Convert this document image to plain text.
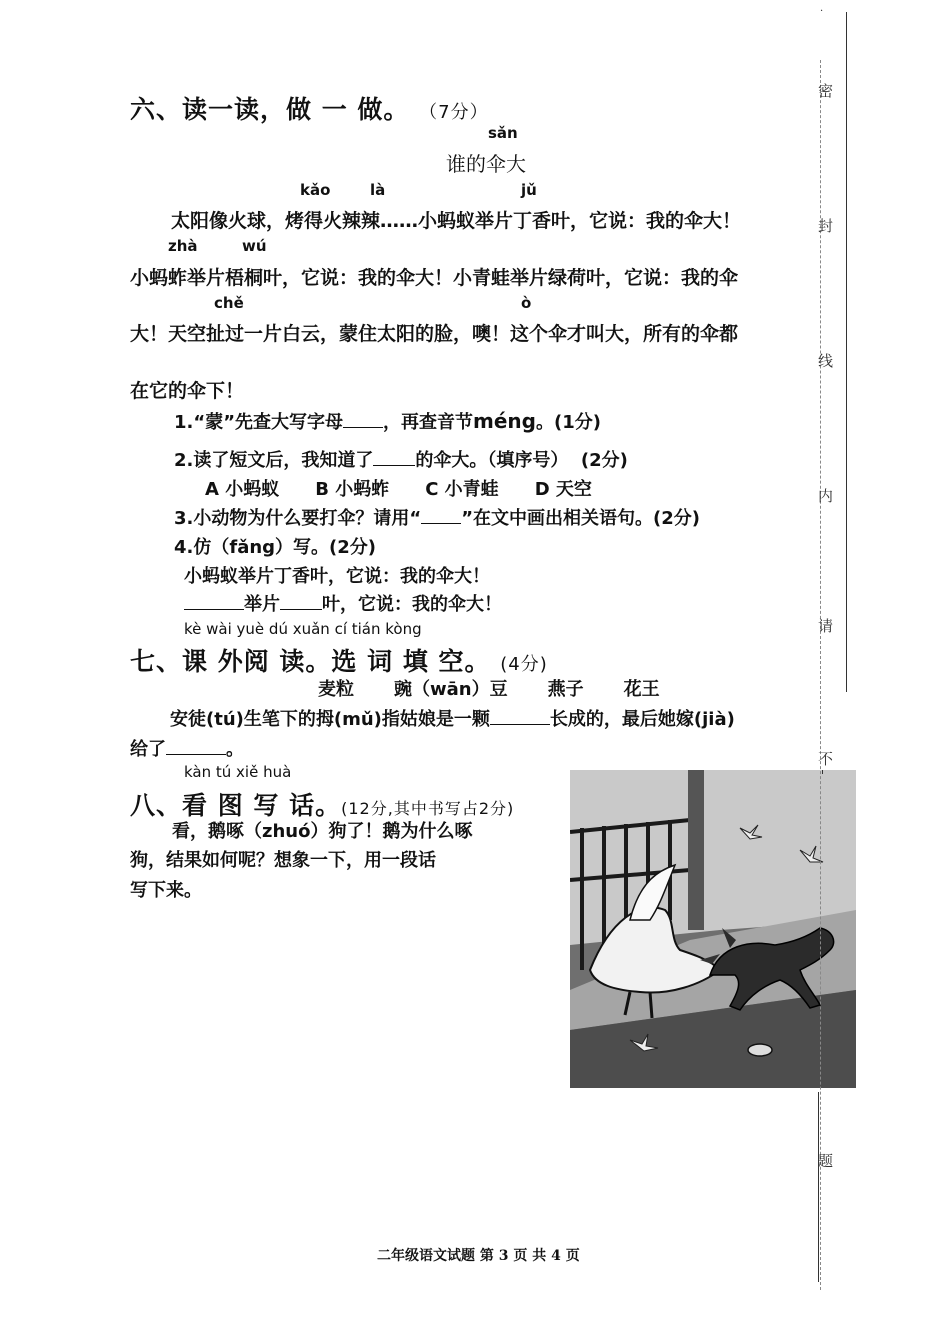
六、读一读，做 一 做。 （7分）
sǎn
谁的伞大
kǎo	là	jǔ
太阳像火球，烤得火辣辣……小蚂蚁举片丁香叶，它说：我的伞大！
zhà	wú
小蚂蚱举片梧桐叶，它说：我的伞大！小青蛙举片绿荷叶，它说：我的伞
chě	ò
大！天空扯过一片白云，蒙住太阳的脸，噢！这个伞才叫大，所有的伞都
在它的伞下！
1.“蒙”先查大写字母 ，再查音节méng。(1分)
2.读了短文后，我知道了 的伞大。（填序号） (2分)
A 小蚂蚁 B 小蚂蚱 C 小青蛙 D 天空
3.小动物为什么要打伞？请用“ ”在文中画出相关语句。(2分)
4.仿（fǎng）写。(2分)
小蚂蚁举片丁香叶，它说：我的伞大！
举片 叶，它说：我的伞大！
kè wài yuè dú xuǎn cí tián kòng
七、课 外阅 读。选 词 填 空。 (4分)
麦粒 豌（wān）豆 燕子 花王
安徒(tú)生笔下的拇(mǔ)指姑娘是一颗	长成的，最后她嫁(jià)
给了	。
kàn tú xiě huà
八、看 图 写 话。(12分,其中书写占2分)
看，鹅啄（zhuó）狗了！鹅为什么啄
狗，结果如何呢？想象一下，用一段话
写下来。
·
密
封
线
内
请
不
题
二年级语文试题 第 3 页 共 4 页
